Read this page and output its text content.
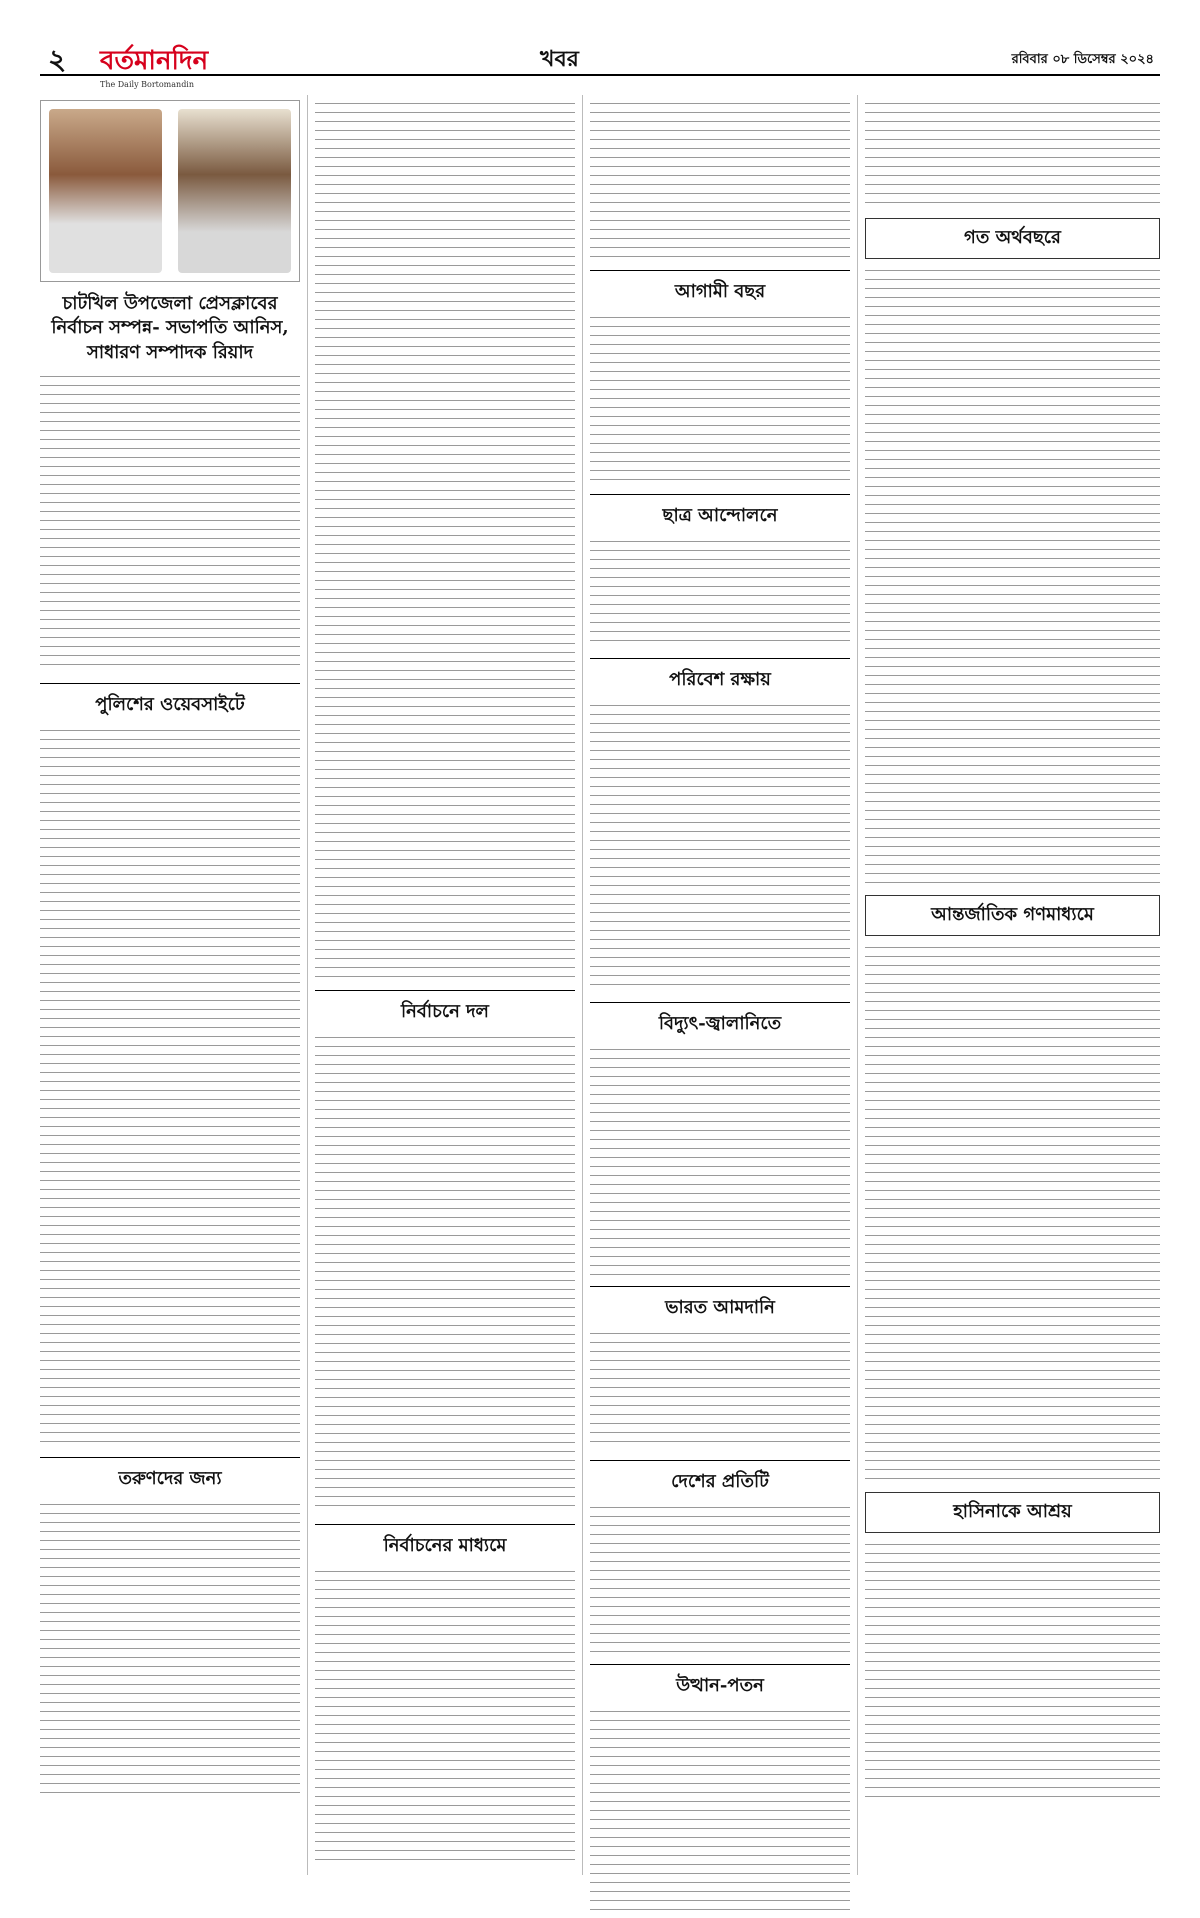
২ বর্তমানদিন
The Daily Bortomandin
খবর	রবিবার ০৮ ডিসেম্বর ২০২৪
চাটখিল উপজেলা প্রেসক্লাবের নির্বাচন সম্পন্ন- সভাপতি আনিস, সাধারণ সম্পাদক রিয়াদ
পুলিশের ওয়েবসাইটে
তরুণদের জন্য
নির্বাচনে দল
নির্বাচনের মাধ্যমে
আগামী বছর
ছাত্র আন্দোলনে
পরিবেশ রক্ষায়
বিদ্যুৎ-জ্বালানিতে
ভারত আমদানি
দেশের প্রতিটি
উত্থান-পতন
গত অর্থবছরে
আন্তর্জাতিক গণমাধ্যমে
হাসিনাকে আশ্রয়
